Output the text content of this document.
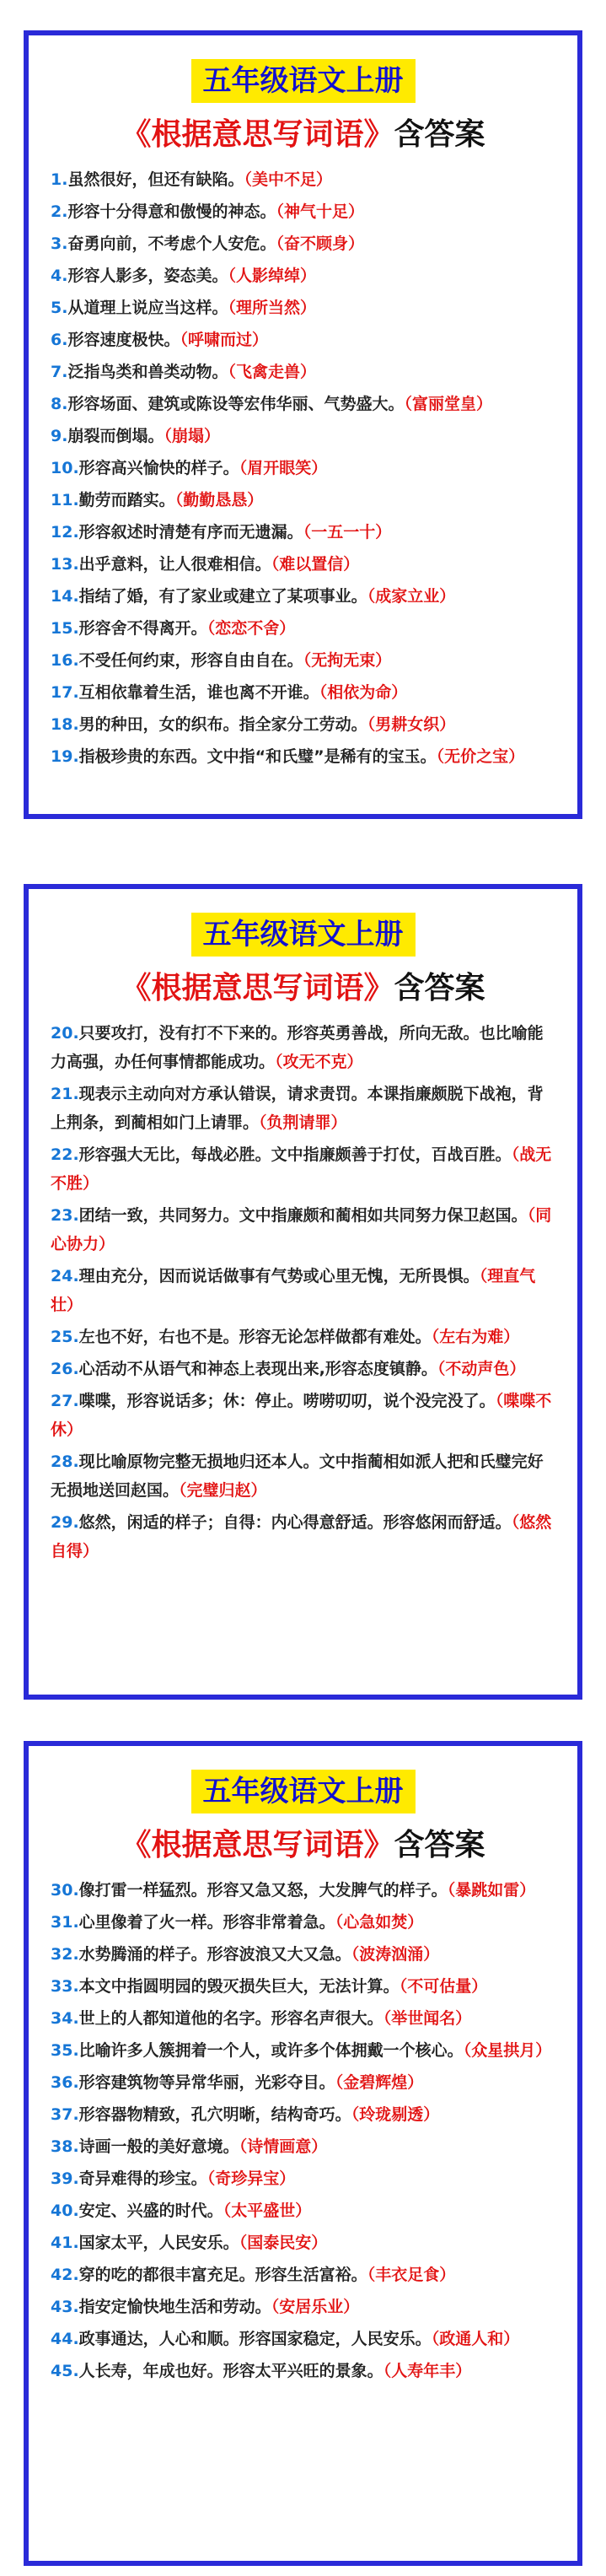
五年级语文上册
《根据意思写词语》含答案
1.虽然很好，但还有缺陷。（美中不足）
2.形容十分得意和傲慢的神态。（神气十足）
3.奋勇向前，不考虑个人安危。（奋不顾身）
4.形容人影多，姿态美。（人影绰绰）
5.从道理上说应当这样。（理所当然）
6.形容速度极快。（呼啸而过）
7.泛指鸟类和兽类动物。（飞禽走兽）
8.形容场面、建筑或陈设等宏伟华丽、气势盛大。（富丽堂皇）
9.崩裂而倒塌。（崩塌）
10.形容高兴愉快的样子。（眉开眼笑）
11.勤劳而踏实。（勤勤恳恳）
12.形容叙述时清楚有序而无遗漏。（一五一十）
13.出乎意料，让人很难相信。（难以置信）
14.指结了婚，有了家业或建立了某项事业。（成家立业）
15.形容舍不得离开。（恋恋不舍）
16.不受任何约束，形容自由自在。（无拘无束）
17.互相依靠着生活，谁也离不开谁。（相依为命）
18.男的种田，女的织布。指全家分工劳动。（男耕女织）
19.指极珍贵的东西。文中指“和氏璧”是稀有的宝玉。（无价之宝）
五年级语文上册
《根据意思写词语》含答案
20.只要攻打，没有打不下来的。形容英勇善战，所向无敌。也比喻能力高强，办任何事情都能成功。（攻无不克）
21.现表示主动向对方承认错误，请求责罚。本课指廉颇脱下战袍，背上荆条，到蔺相如门上请罪。（负荆请罪）
22.形容强大无比，每战必胜。文中指廉颇善于打仗，百战百胜。（战无不胜）
23.团结一致，共同努力。文中指廉颇和蔺相如共同努力保卫赵国。（同心协力）
24.理由充分，因而说话做事有气势或心里无愧，无所畏惧。（理直气壮）
25.左也不好，右也不是。形容无论怎样做都有难处。（左右为难）
26.心活动不从语气和神态上表现出来,形容态度镇静。（不动声色）
27.喋喋，形容说话多；休：停止。唠唠叨叨，说个没完没了。（喋喋不休）
28.现比喻原物完整无损地归还本人。文中指蔺相如派人把和氏璧完好无损地送回赵国。（完璧归赵）
29.悠然，闲适的样子；自得：内心得意舒适。形容悠闲而舒适。（悠然自得）
五年级语文上册
《根据意思写词语》含答案
30.像打雷一样猛烈。形容又急又怒，大发脾气的样子。（暴跳如雷）
31.心里像着了火一样。形容非常着急。（心急如焚）
32.水势腾涌的样子。形容波浪又大又急。（波涛汹涌）
33.本文中指圆明园的毁灭损失巨大，无法计算。（不可估量）
34.世上的人都知道他的名字。形容名声很大。（举世闻名）
35.比喻许多人簇拥着一个人，或许多个体拥戴一个核心。（众星拱月）
36.形容建筑物等异常华丽，光彩夺目。（金碧辉煌）
37.形容器物精致，孔穴明晰，结构奇巧。（玲珑剔透）
38.诗画一般的美好意境。（诗情画意）
39.奇异难得的珍宝。（奇珍异宝）
40.安定、兴盛的时代。（太平盛世）
41.国家太平，人民安乐。（国泰民安）
42.穿的吃的都很丰富充足。形容生活富裕。（丰衣足食）
43.指安定愉快地生活和劳动。（安居乐业）
44.政事通达，人心和顺。形容国家稳定，人民安乐。（政通人和）
45.人长寿，年成也好。形容太平兴旺的景象。（人寿年丰）
